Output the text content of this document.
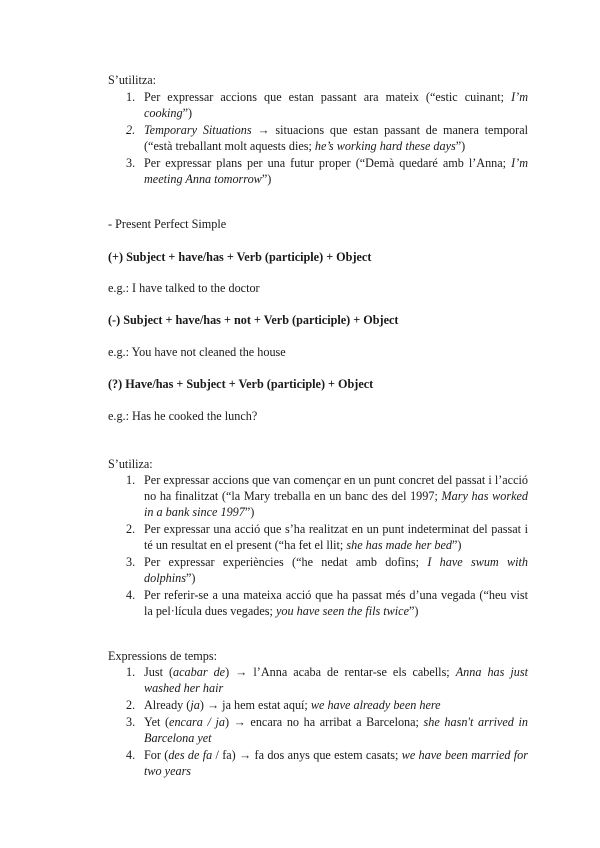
S’utilitza:

1. Per expressar accions que estan passant ara mateix (“estic cuinant; I’m cooking”)
2. Temporary Situations → situacions que estan passant de manera temporal (“està treballant molt aquests dies; he’s working hard these days”)
3. Per expressar plans per una futur proper (“Demà quedaré amb l’Anna; I’m meeting Anna tomorrow”)

- Present Perfect Simple

(+) Subject + have/has + Verb (participle) + Object

e.g.: I have talked to the doctor

(-) Subject + have/has + not + Verb (participle) + Object

e.g.: You have not cleaned the house

(?) Have/has + Subject + Verb (participle) + Object

e.g.: Has he cooked the lunch?

S’utiliza:

1. Per expressar accions que van començar en un punt concret del passat i l’acció no ha finalitzat (“la Mary treballa en un banc des del 1997; Mary has worked in a bank since 1997”)
2. Per expressar una acció que s’ha realitzat en un punt indeterminat del passat i té un resultat en el present (“ha fet el llit; she has made her bed”)
3. Per expressar experiències (“he nedat amb dofins; I have swum with dolphins”)
4. Per referir-se a una mateixa acció que ha passat més d’una vegada (“heu vist la pel·lícula dues vegades; you have seen the fils twice”)

Expressions de temps:

1. Just (acabar de) → l’Anna acaba de rentar-se els cabells; Anna has just washed her hair
2. Already (ja) → ja hem estat aquí; we have already been here
3. Yet (encara / ja) → encara no ha arribat a Barcelona; she hasn't arrived in Barcelona yet
4. For (des de fa / fa) → fa dos anys que estem casats; we have been married for two years
